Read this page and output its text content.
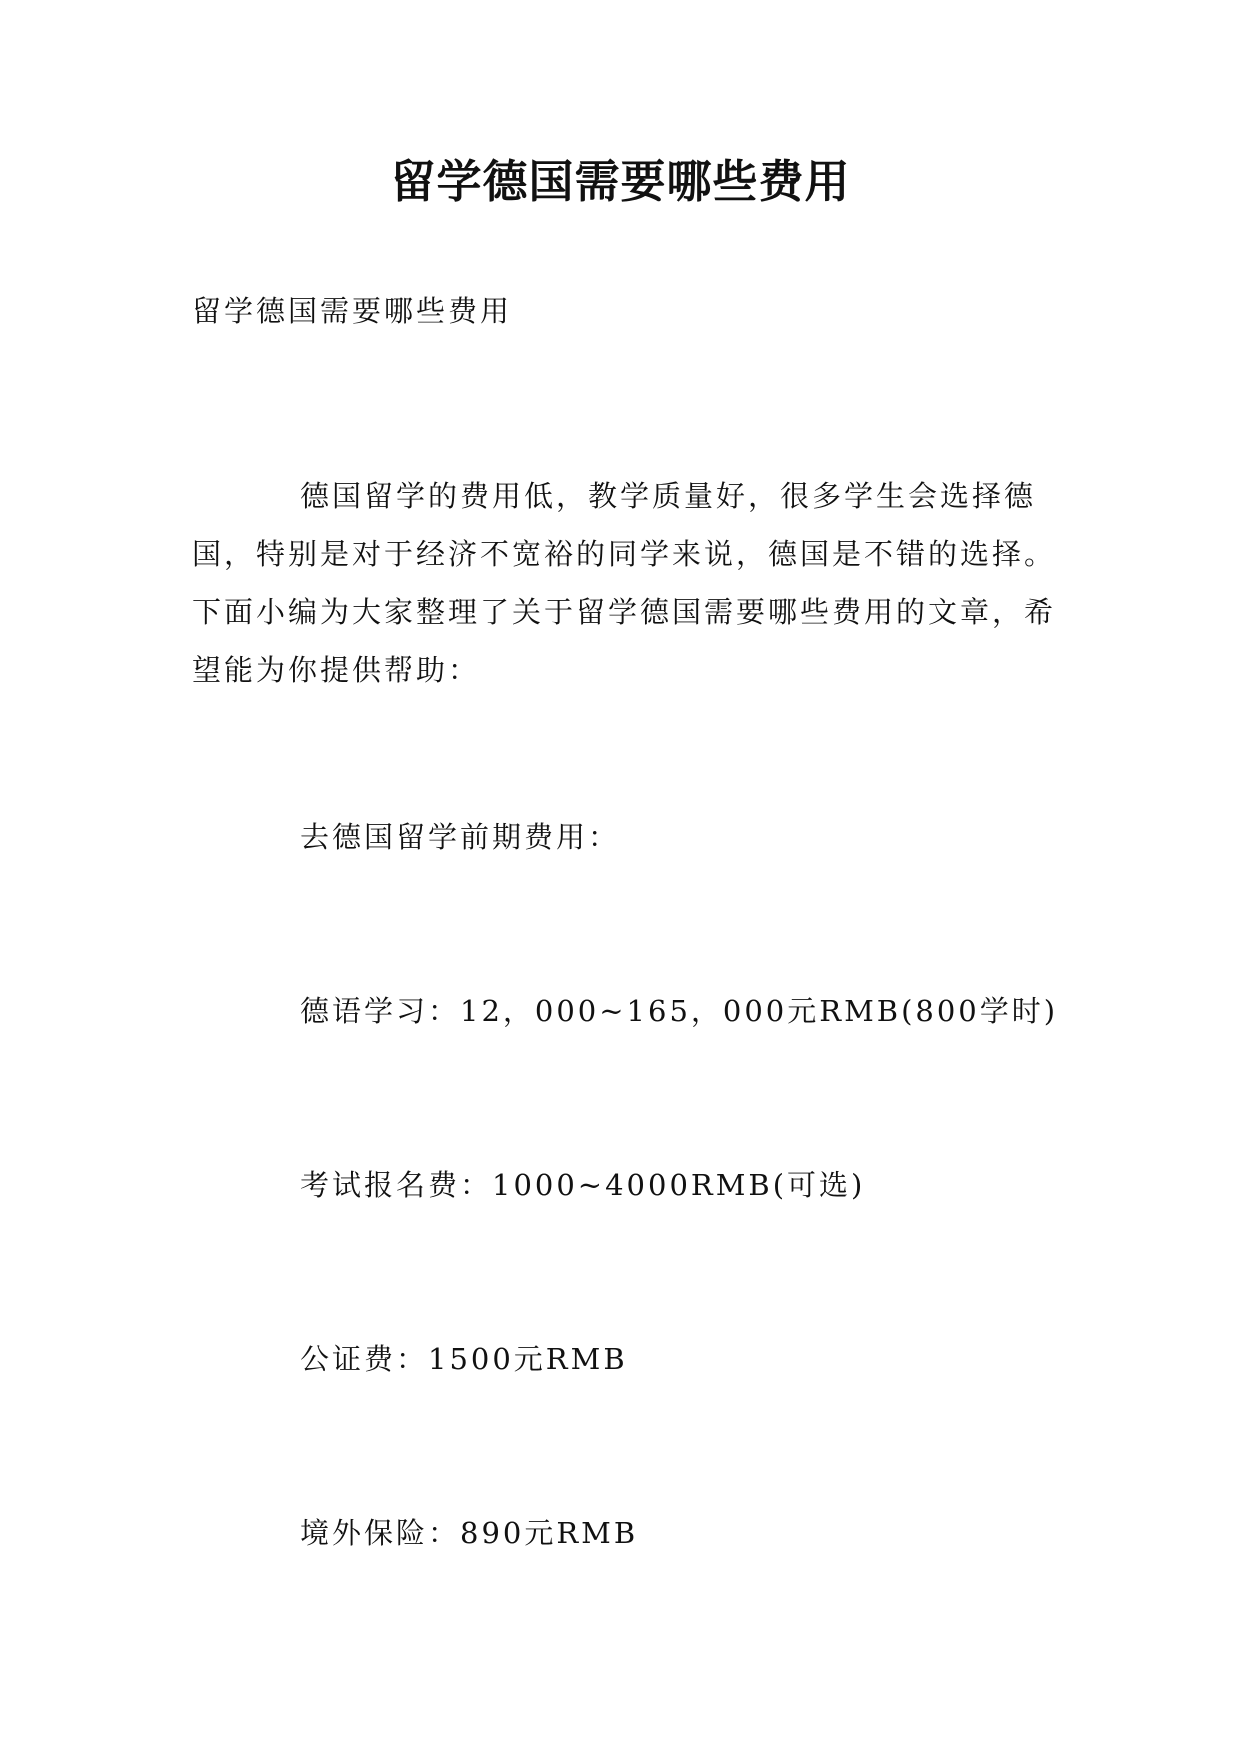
留学德国需要哪些费用
留学德国需要哪些费用

德国留学的费用低，教学质量好，很多学生会选择德国，特别是对于经济不宽裕的同学来说，德国是不错的选择。下面小编为大家整理了关于留学德国需要哪些费用的文章，希望能为你提供帮助：

去德国留学前期费用：
德语学习：12，000~165，000元RMB(800学时)
考试报名费：1000~4000RMB(可选)
公证费：1500元RMB
境外保险：890元RMB
